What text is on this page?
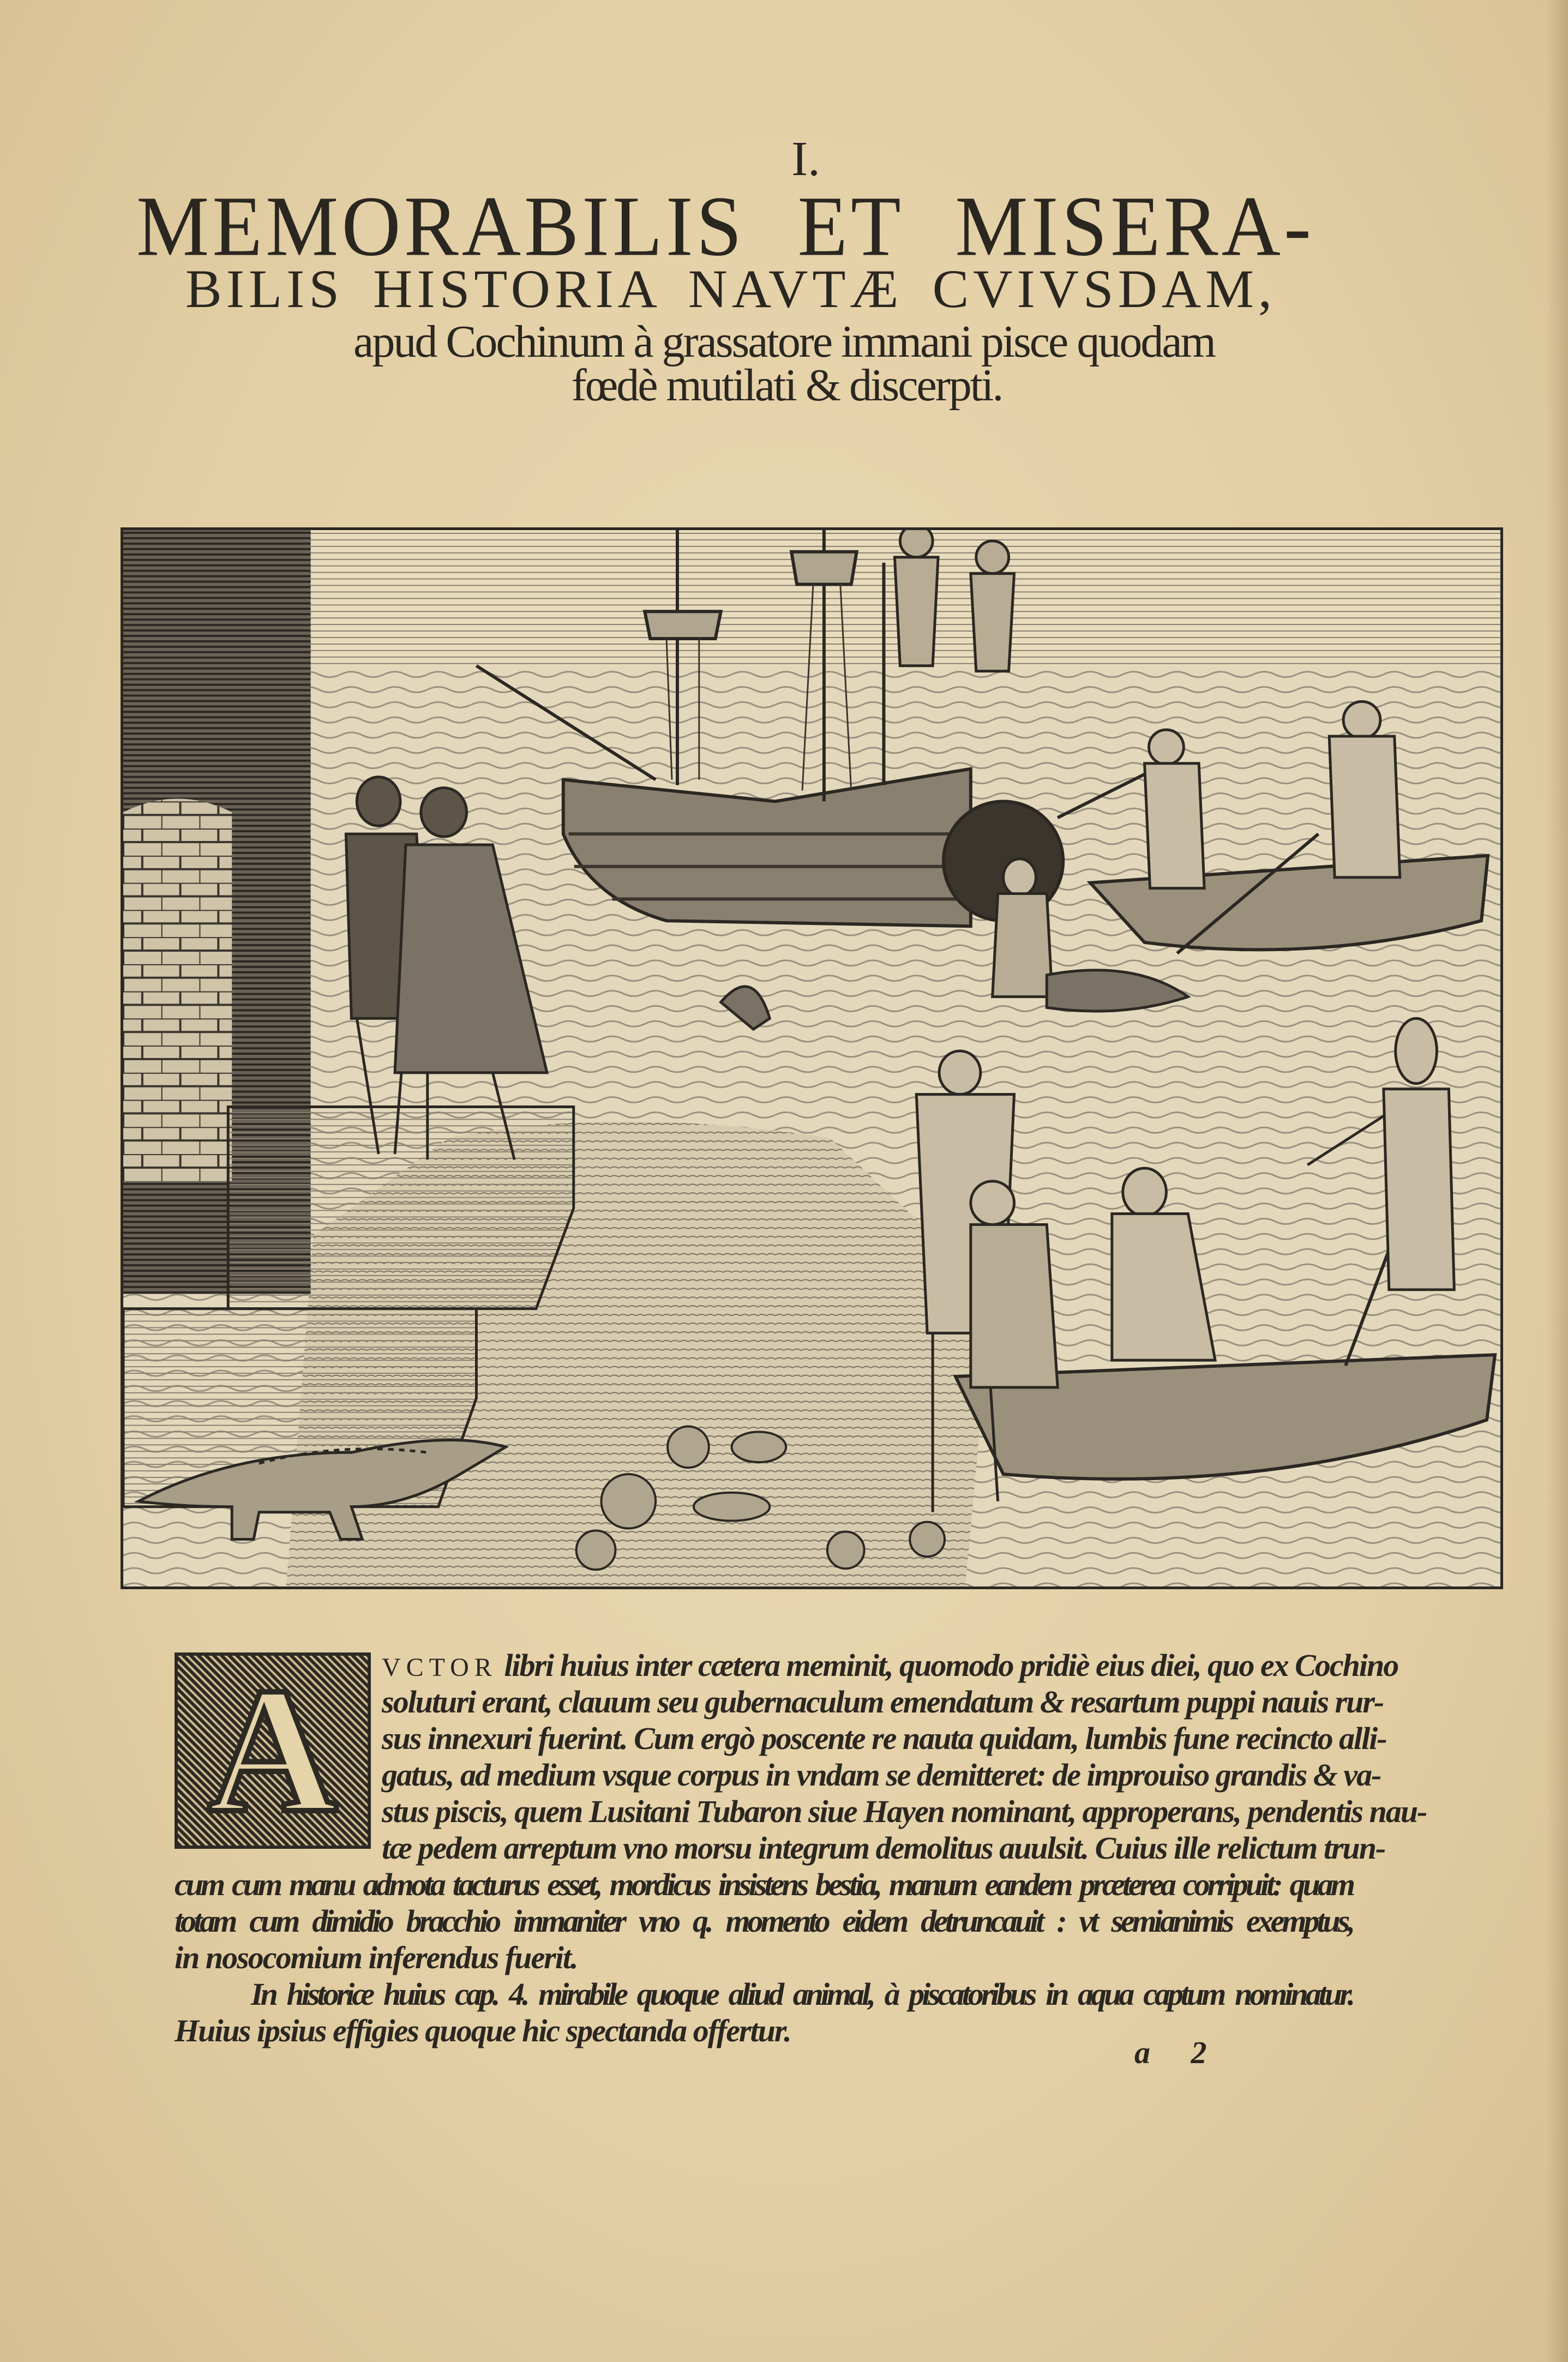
I.
MEMORABILIS ET MISERA-
BILIS HISTORIA NAVTÆ CVIVSDAM,
apud Cochinum à grassatore immani pisce quodam
fœdè mutilati & discerpti.
A VCTOR libri huius inter cætera meminit, quomodo pridiè eius diei, quo ex Cochino
soluturi erant, clauum seu gubernaculum emendatum & resartum puppi nauis rur-
sus innexuri fuerint. Cum ergò poscente re nauta quidam, lumbis fune recincto alli-
gatus, ad medium vsque corpus in vndam se demitteret: de improuiso grandis & va-
stus piscis, quem Lusitani Tubaron siue Hayen nominant, approperans, pendentis nau-
tæ pedem arreptum vno morsu integrum demolitus auulsit. Cuius ille relictum trun-
cum cum manu admota tacturus esset, mordicus insistens bestia, manum eandem præterea corripuit: quam
totam cum dimidio bracchio immaniter vno q. momento eidem detruncauit : vt semianimis exemptus,
in nosocomium inferendus fuerit.
In historiæ huius cap. 4. mirabile quoque aliud animal, à piscatoribus in aqua captum nominatur.
Huius ipsius effigies quoque hic spectanda offertur.
a 2
